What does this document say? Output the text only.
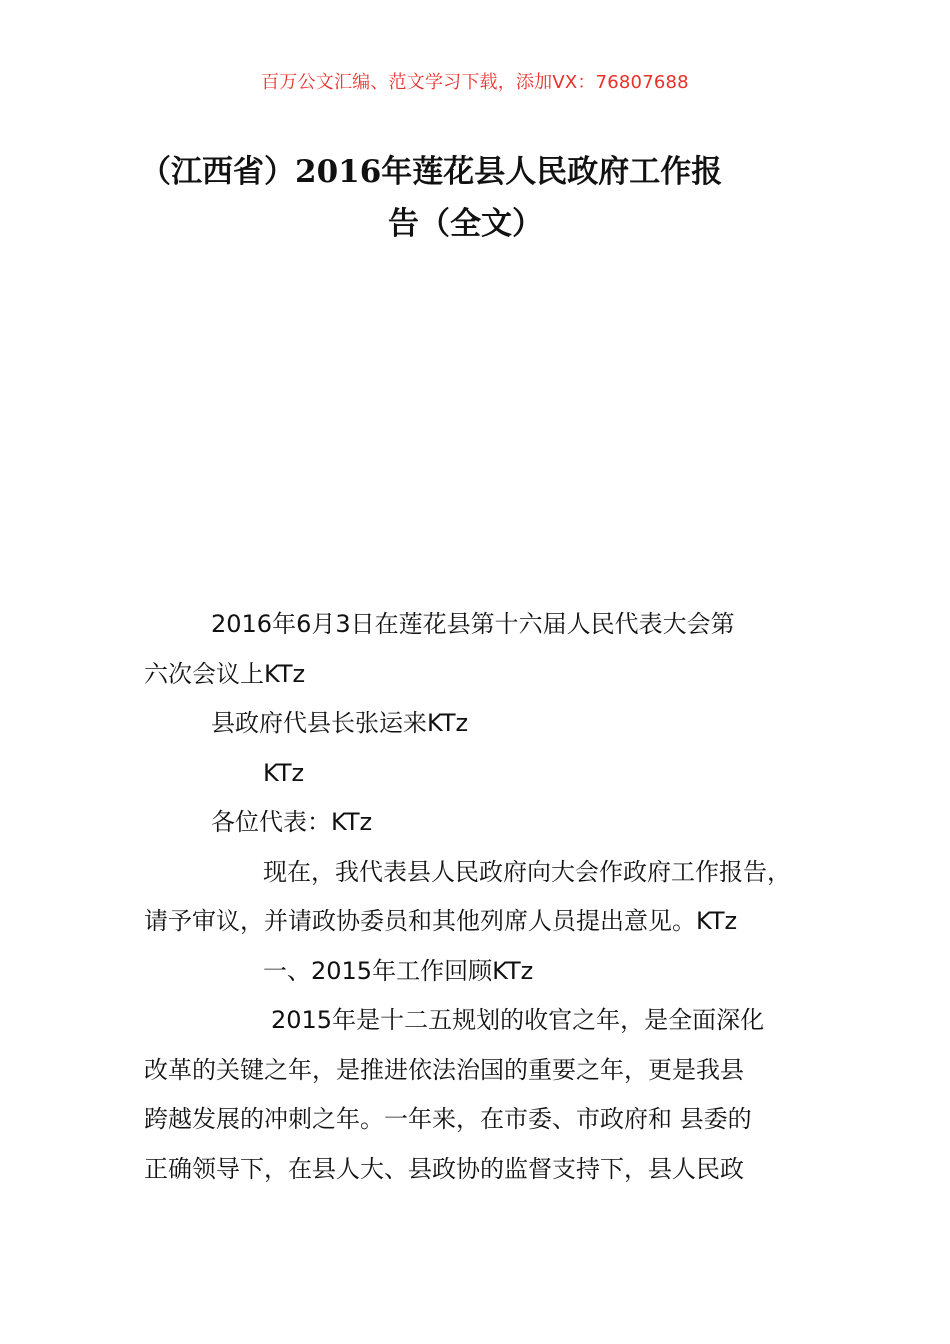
百万公文汇编、范文学习下载，添加VX：76807688
（江西省）2016年莲花县人民政府工作报
告（全文）

2016年6月3日在莲花县第十六届人民代表大会第

六次会议上KTz

县政府代县长张运来KTz

KTz

各位代表：KTz

现在，我代表县人民政府向大会作政府工作报告，

请予审议，并请政协委员和其他列席人员提出意见。KTz

一、2015年工作回顾KTz

2015年是十二五规划的收官之年，是全面深化

改革的关键之年，是推进依法治国的重要之年，更是我县

跨越发展的冲刺之年。一年来，在市委、市政府和 县委的

正确领导下，在县人大、县政协的监督支持下，县人民政
